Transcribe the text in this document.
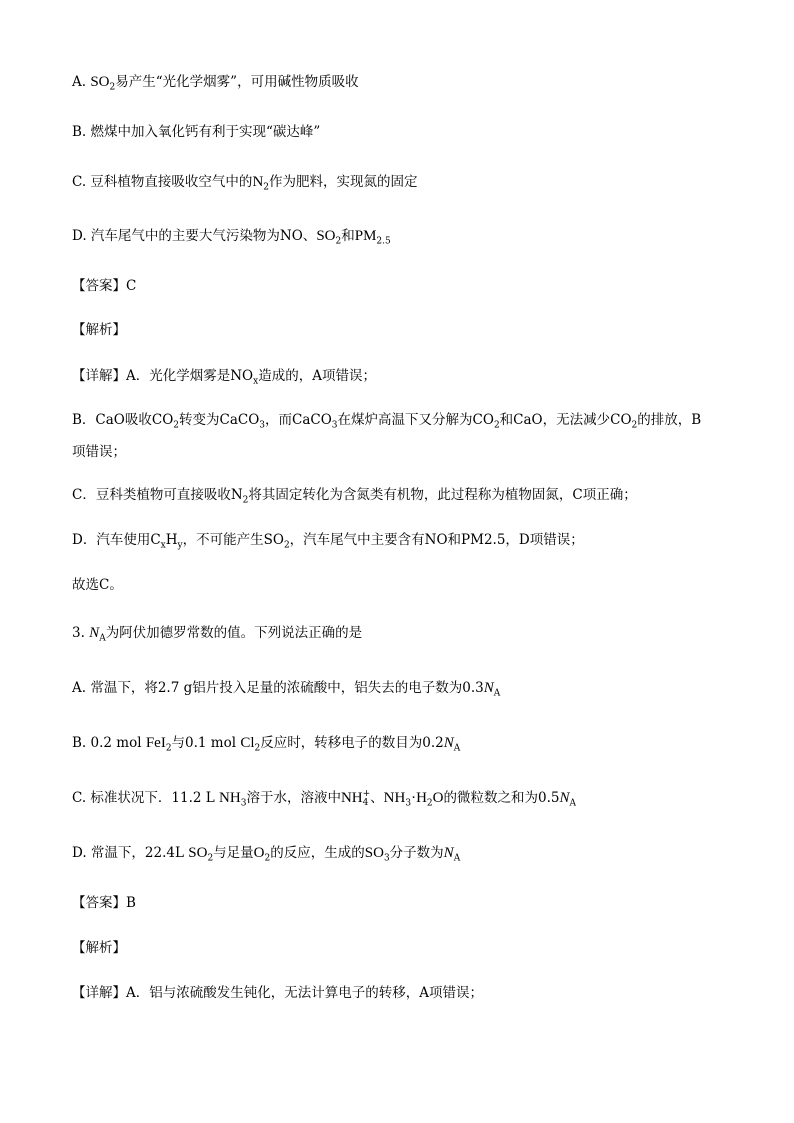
A. $SO_2$易产生“光化学烟雾”，可用碱性物质吸收
B. 燃煤中加入氧化钙有利于实现“碳达峰”
C. 豆科植物直接吸收空气中的$N_2$作为肥料，实现氮的固定
D. 汽车尾气中的主要大气污染物为NO、$SO_2$和$PM_{2.5}$
【答案】C
【解析】
【详解】A．光化学烟雾是$NO_x$造成的，A项错误；
B．CaO吸收$CO_2$转变为CaCO$_3$，而CaCO$_3$在煤炉高温下又分解为$CO_2$和CaO，无法减少$CO_2$的排放，B
项错误；
C．豆科类植物可直接吸收$N_2$将其固定转化为含氮类有机物，此过程称为植物固氮，C项正确；
D．汽车使用$C_xH_y$，不可能产生$SO_2$，汽车尾气中主要含有NO和PM2.5，D项错误；
故选C。
3. $N_A$为阿伏加德罗常数的值。下列说法正确的是
A. 常温下，将2.7 g铝片投入足量的浓硫酸中，铝失去的电子数为$0.3N_A$
B. 0.2 mol FeI$_2$与0.1 mol $Cl_2$反应时，转移电子的数目为$0.2N_A$
C. 标准状况下．11.2 L $NH_3$溶于水，溶液中NH +
4 、$NH_3\cdot H_2O$的微粒数之和为$0.5N_A$
D. 常温下，22.4L $SO_2$与足量$O_2$的反应，生成的$SO_3$分子数为$N_A$
【答案】B
【解析】
【详解】A．铝与浓硫酸发生钝化，无法计算电子的转移，A项错误；
